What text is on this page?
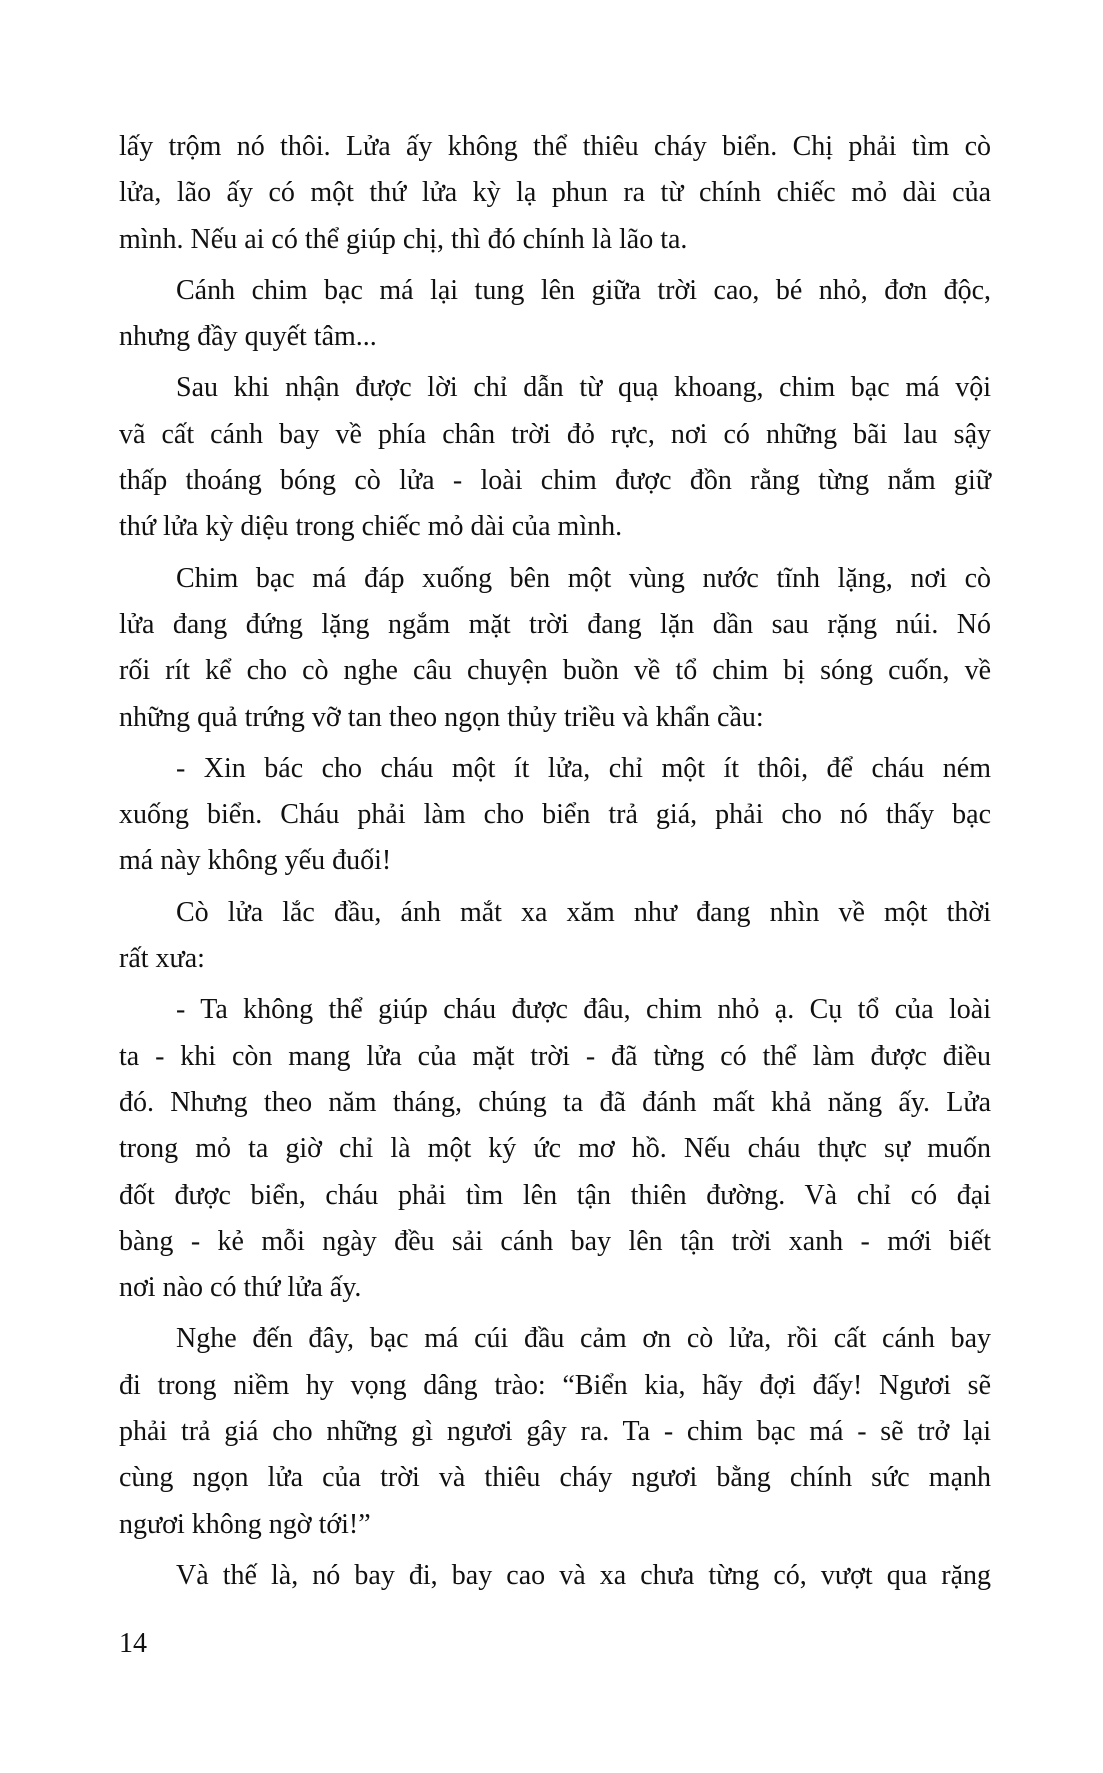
lấy trộm nó thôi. Lửa ấy không thể thiêu cháy biển. Chị phải tìm cò
lửa, lão ấy có một thứ lửa kỳ lạ phun ra từ chính chiếc mỏ dài của
mình. Nếu ai có thể giúp chị, thì đó chính là lão ta.
Cánh chim bạc má lại tung lên giữa trời cao, bé nhỏ, đơn độc,
nhưng đầy quyết tâm...
Sau khi nhận được lời chỉ dẫn từ quạ khoang, chim bạc má vội
vã cất cánh bay về phía chân trời đỏ rực, nơi có những bãi lau sậy
thấp thoáng bóng cò lửa - loài chim được đồn rằng từng nắm giữ
thứ lửa kỳ diệu trong chiếc mỏ dài của mình.
Chim bạc má đáp xuống bên một vùng nước tĩnh lặng, nơi cò
lửa đang đứng lặng ngắm mặt trời đang lặn dần sau rặng núi. Nó
rối rít kể cho cò nghe câu chuyện buồn về tổ chim bị sóng cuốn, về
những quả trứng vỡ tan theo ngọn thủy triều và khẩn cầu:
- Xin bác cho cháu một ít lửa, chỉ một ít thôi, để cháu ném
xuống biển. Cháu phải làm cho biển trả giá, phải cho nó thấy bạc
má này không yếu đuối!
Cò lửa lắc đầu, ánh mắt xa xăm như đang nhìn về một thời
rất xưa:
- Ta không thể giúp cháu được đâu, chim nhỏ ạ. Cụ tổ của loài
ta - khi còn mang lửa của mặt trời - đã từng có thể làm được điều
đó. Nhưng theo năm tháng, chúng ta đã đánh mất khả năng ấy. Lửa
trong mỏ ta giờ chỉ là một ký ức mơ hồ. Nếu cháu thực sự muốn
đốt được biển, cháu phải tìm lên tận thiên đường. Và chỉ có đại
bàng - kẻ mỗi ngày đều sải cánh bay lên tận trời xanh - mới biết
nơi nào có thứ lửa ấy.
Nghe đến đây, bạc má cúi đầu cảm ơn cò lửa, rồi cất cánh bay
đi trong niềm hy vọng dâng trào: “Biển kia, hãy đợi đấy! Ngươi sẽ
phải trả giá cho những gì ngươi gây ra. Ta - chim bạc má - sẽ trở lại
cùng ngọn lửa của trời và thiêu cháy ngươi bằng chính sức mạnh
ngươi không ngờ tới!”
Và thế là, nó bay đi, bay cao và xa chưa từng có, vượt qua rặng
14
